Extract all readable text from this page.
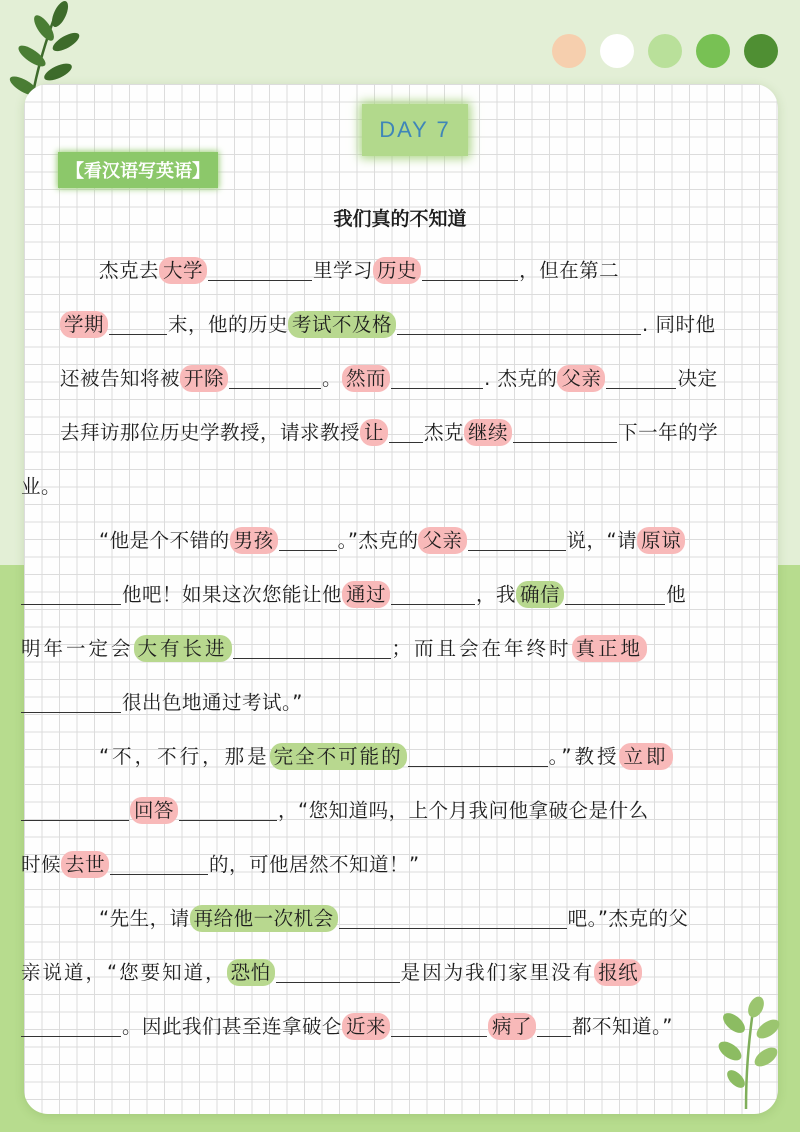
DAY 7
【看汉语写英语】
我们真的不知道

杰克去 大学	里学习 历史	，但在第二
学期	末，他的历史 考试不及格	. 同时他
还被告知将被 开除	。 然而	. 杰克的 父亲	决定
去拜访那位历史学教授，请求教授 让 杰克 继续	下一年的学
业。

“他是个不错的 男孩	。”杰克的 父亲	说，“请 原谅
他吧！如果这次您能让他 通过	，我 确信	他
明年一定会 大有长进	；而且会在年终时 真正地
很出色地通过考试。”

“不，不行，那是 完全不可能的	。”教授 立即
回答	，“您知道吗，上个月我问他拿破仑是什么
时候 去世	的，可他居然不知道！”

“先生，请 再给他一次机会	吧。”杰克的父
亲说道，“您要知道， 恐怕	是因为我们家里没有 报纸
。因此我们甚至连拿破仑 近来	病了 都不知道。”
